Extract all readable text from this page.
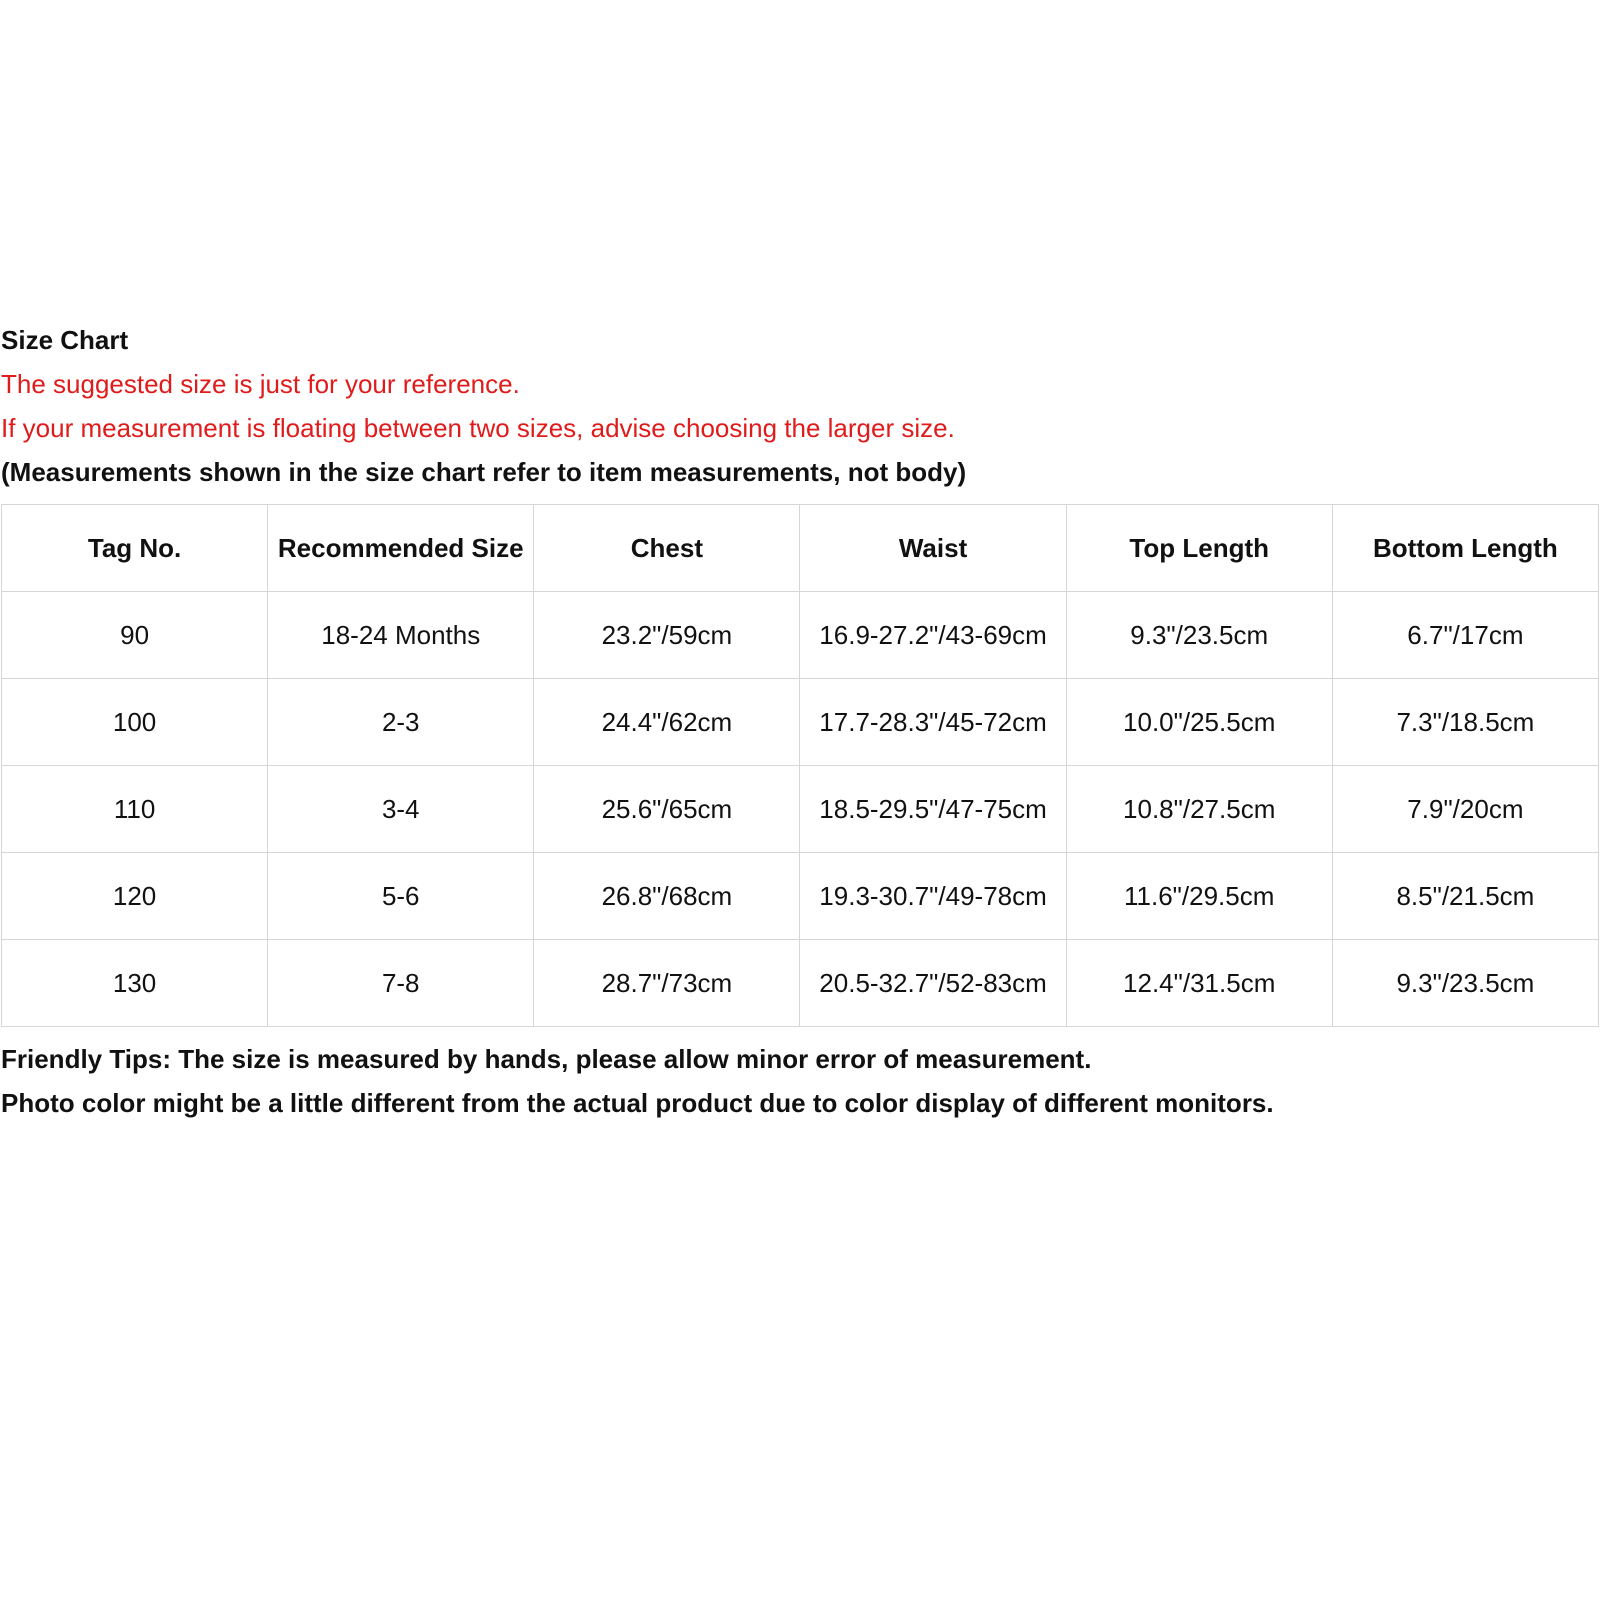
Size Chart
The suggested size is just for your reference.
If your measurement is floating between two sizes, advise choosing the larger size.
(Measurements shown in the size chart refer to item measurements, not body)
Tag No.	Recommended Size	Chest	Waist	Top Length	Bottom Length
90	18-24 Months	23.2"/59cm	16.9-27.2"/43-69cm	9.3"/23.5cm	6.7"/17cm
100	2-3	24.4"/62cm	17.7-28.3"/45-72cm	10.0"/25.5cm	7.3"/18.5cm
110	3-4	25.6"/65cm	18.5-29.5"/47-75cm	10.8"/27.5cm	7.9"/20cm
120	5-6	26.8"/68cm	19.3-30.7"/49-78cm	11.6"/29.5cm	8.5"/21.5cm
130	7-8	28.7"/73cm	20.5-32.7"/52-83cm	12.4"/31.5cm	9.3"/23.5cm
Friendly Tips: The size is measured by hands, please allow minor error of measurement.
Photo color might be a little different from the actual product due to color display of different monitors.
